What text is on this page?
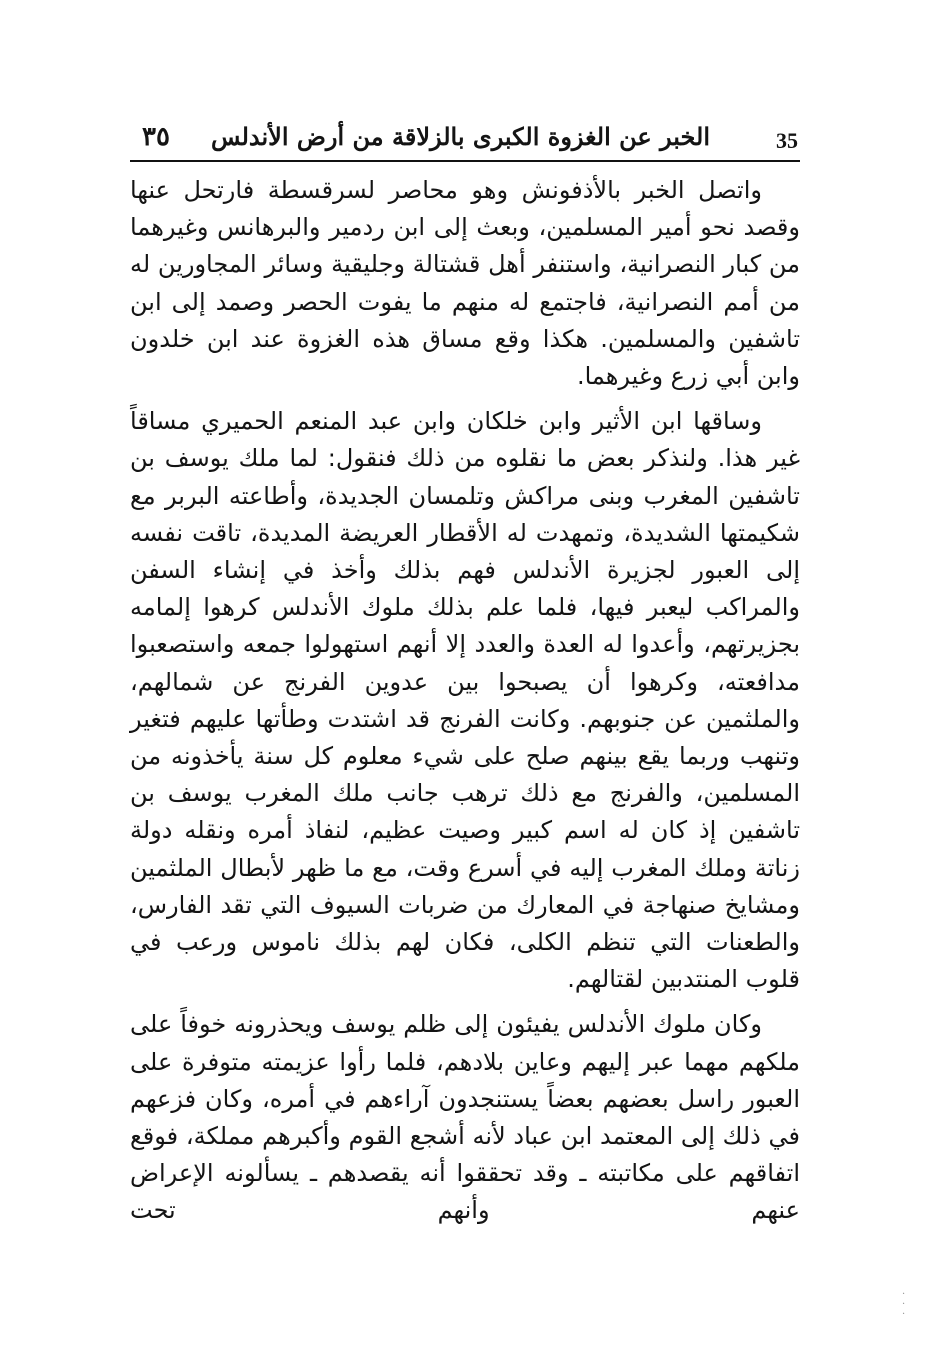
٣٥ الخبر عن الغزوة الكبرى بالزلاقة من أرض الأندلس	35

واتصل الخبر بالأذفونش وهو محاصر لسرقسطة فارتحل عنها وقصد نحو أمير المسلمين، وبعث إلى ابن ردمير والبرهانس وغيرهما من كبار النصرانية، واستنفر أهل قشتالة وجليقية وسائر المجاورين له من أمم النصرانية، فاجتمع له منهم ما يفوت الحصر وصمد إلى ابن تاشفين والمسلمين. هكذا وقع مساق هذه الغزوة عند ابن خلدون وابن أبي زرع وغيرهما.

وساقها ابن الأثير وابن خلكان وابن عبد المنعم الحميري مساقاً غير هذا. ولنذكر بعض ما نقلوه من ذلك فنقول: لما ملك يوسف بن تاشفين المغرب وبنى مراكش وتلمسان الجديدة، وأطاعته البربر مع شكيمتها الشديدة، وتمهدت له الأقطار العريضة المديدة، تاقت نفسه إلى العبور لجزيرة الأندلس فهم بذلك وأخذ في إنشاء السفن والمراكب ليعبر فيها، فلما علم بذلك ملوك الأندلس كرهوا إلمامه بجزيرتهم، وأعدوا له العدة والعدد إلا أنهم استهولوا جمعه واستصعبوا مدافعته، وكرهوا أن يصبحوا بين عدوين الفرنج عن شمالهم، والملثمين عن جنوبهم. وكانت الفرنج قد اشتدت وطأتها عليهم فتغير وتنهب وربما يقع بينهم صلح على شيء معلوم كل سنة يأخذونه من المسلمين، والفرنج مع ذلك ترهب جانب ملك المغرب يوسف بن تاشفين إذ كان له اسم كبير وصيت عظيم، لنفاذ أمره ونقله دولة زناتة وملك المغرب إليه في أسرع وقت، مع ما ظهر لأبطال الملثمين ومشايخ صنهاجة في المعارك من ضربات السيوف التي تقد الفارس، والطعنات التي تنظم الكلى، فكان لهم بذلك ناموس ورعب في قلوب المنتدبين لقتالهم.

وكان ملوك الأندلس يفيئون إلى ظلم يوسف ويحذرونه خوفاً على ملكهم مهما عبر إليهم وعاين بلادهم، فلما رأوا عزيمته متوفرة على العبور راسل بعضهم بعضاً يستنجدون آراءهم في أمره، وكان فزعهم في ذلك إلى المعتمد ابن عباد لأنه أشجع القوم وأكبرهم مملكة، فوقع اتفاقهم على مكاتبته ـ وقد تحققوا أنه يقصدهم ـ يسألونه الإعراض عنهم وأنهم تحت

·
·
·
